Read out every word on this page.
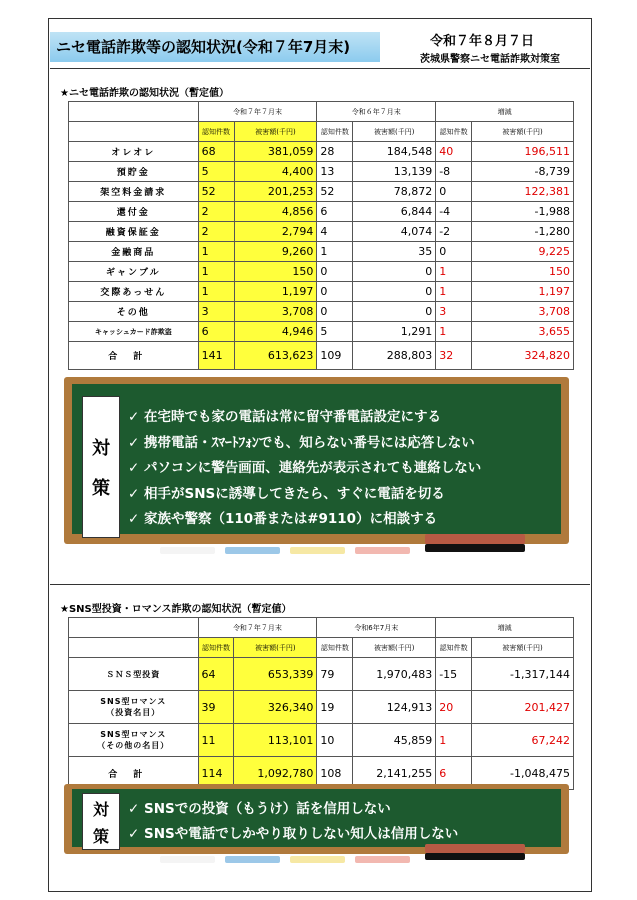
ニセ電話詐欺等の認知状況(令和７年7月末)	令和７年８月７日
茨城県警察ニセ電話詐欺対策室
★ニセ電話詐欺の認知状況（暫定値）
	令和７年７月末		令和６年７月末		増減	
	認知件数	被害額(千円)	認知件数	被害額(千円)	認知件数	被害額(千円)
オレオレ	68	381,059	28	184,548	40	196,511
預貯金	5	4,400	13	13,139	-8	-8,739
架空料金請求	52	201,253	52	78,872	0	122,381
還付金	2	4,856	6	6,844	-4	-1,988
融資保証金	2	2,794	4	4,074	-2	-1,280
金融商品	1	9,260	1	35	0	9,225
ギャンブル	1	150	0	0	1	150
交際あっせん	1	1,197	0	0	1	1,197
その他	3	3,708	0	0	3	3,708
キャッシュカード詐欺盗	6	4,946	5	1,291	1	3,655
合計	141	613,623	109	288,803	32	324,820
対
策
✓ 在宅時でも家の電話は常に留守番電話設定にする
✓ 携帯電話・ｽﾏｰﾄﾌｫﾝでも、知らない番号には応答しない
✓ パソコンに警告画面、連絡先が表示されても連絡しない
✓ 相手がSNSに誘導してきたら、すぐに電話を切る
✓ 家族や警察（110番または#9110）に相談する
★SNS型投資・ロマンス詐欺の認知状況（暫定値）
	令和７年７月末		令和6年7月末		増減	
	認知件数	被害額(千円)	認知件数	被害額(千円)	認知件数	被害額(千円)

ＳＮＳ型投資	64	653,339	79	1,970,483	-15	-1,317,144

SNS型ロマンス
（投資名目）	39	326,340	19	124,913	20	201,427

SNS型ロマンス
（その他の名目）	11	113,101	10	45,859	1	67,242
合計	114	1,092,780	108	2,141,255	6	-1,048,475
対
策
✓ SNSでの投資（もうけ）話を信用しない
✓ SNSや電話でしかやり取りしない知人は信用しない
